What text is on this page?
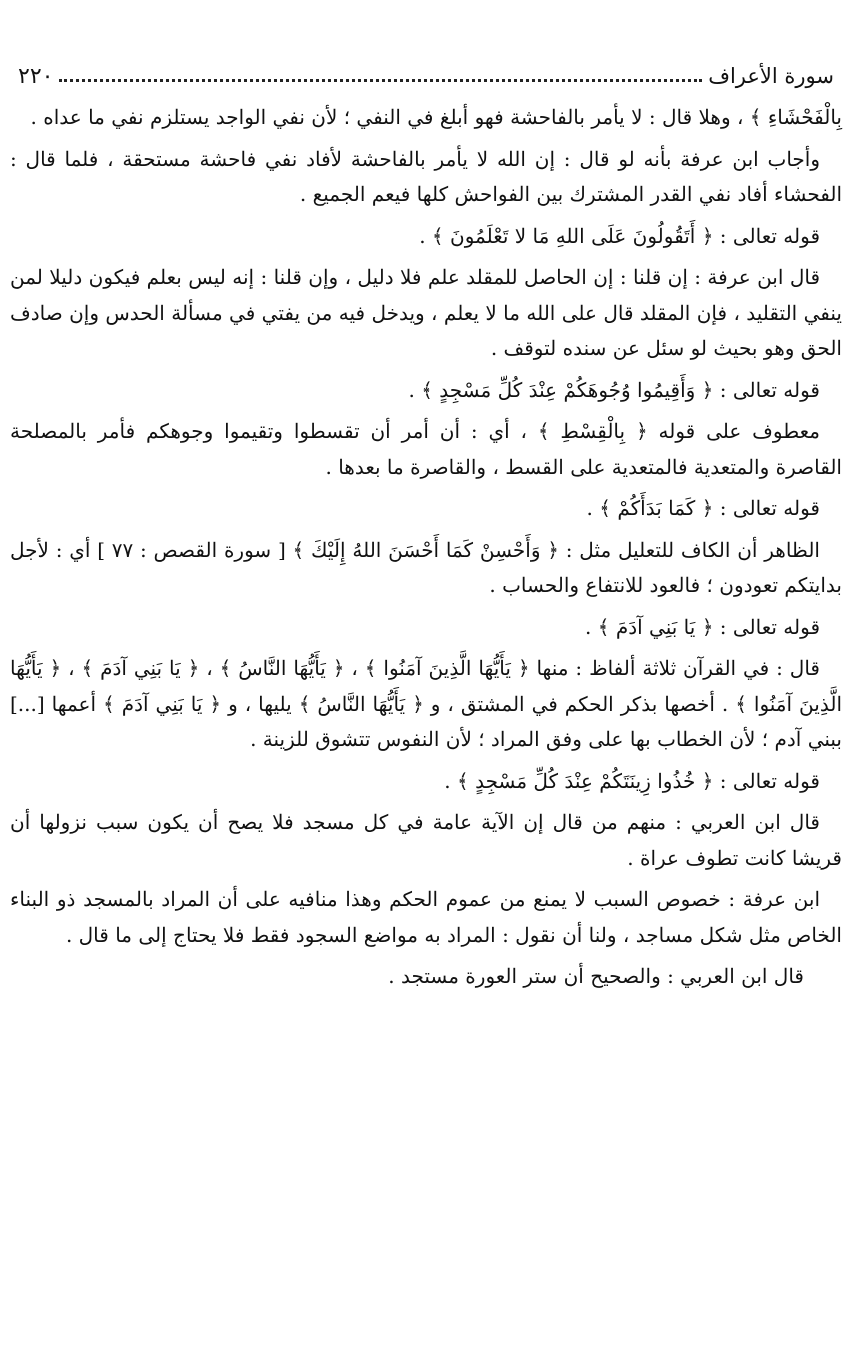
سورة الأعراف
٢٢٠

بِالْفَحْشَاءِ ﴾ ، وهلا قال : لا يأمر بالفاحشة فهو أبلغ في النفي ؛ لأن نفي الواجد يستلزم نفي ما عداه .

وأجاب ابن عرفة بأنه لو قال : إن الله لا يأمر بالفاحشة لأفاد نفي فاحشة مستحقة ، فلما قال : الفحشاء أفاد نفي القدر المشترك بين الفواحش كلها فيعم الجميع .

قوله تعالى : ﴿ أَتَقُولُونَ عَلَى اللهِ مَا لا تَعْلَمُونَ ﴾ .

قال ابن عرفة : إن قلنا : إن الحاصل للمقلد علم فلا دليل ، وإن قلنا : إنه ليس بعلم فيكون دليلا لمن ينفي التقليد ، فإن المقلد قال على الله ما لا يعلم ، ويدخل فيه من يفتي في مسألة الحدس وإن صادف الحق وهو بحيث لو سئل عن سنده لتوقف .

قوله تعالى : ﴿ وَأَقِيمُوا وُجُوهَكُمْ عِنْدَ كُلِّ مَسْجِدٍ ﴾ .

معطوف على قوله ﴿ بِالْقِسْطِ ﴾ ، أي : أن أمر أن تقسطوا وتقيموا وجوهكم فأمر بالمصلحة القاصرة والمتعدية فالمتعدية على القسط ، والقاصرة ما بعدها .

قوله تعالى : ﴿ كَمَا بَدَأَكُمْ ﴾ .

الظاهر أن الكاف للتعليل مثل : ﴿ وَأَحْسِنْ كَمَا أَحْسَنَ اللهُ إِلَيْكَ ﴾ [ سورة القصص : ٧٧ ] أي : لأجل بدايتكم تعودون ؛ فالعود للانتفاع والحساب .

قوله تعالى : ﴿ يَا بَنِي آدَمَ ﴾ .

قال : في القرآن ثلاثة ألفاظ : منها ﴿ يَأَيُّهَا الَّذِينَ آمَنُوا ﴾ ، ﴿ يَأَيُّهَا النَّاسُ ﴾ ، ﴿ يَا بَنِي آدَمَ ﴾ ، ﴿ يَأَيُّهَا الَّذِينَ آمَنُوا ﴾ . أخصها بذكر الحكم في المشتق ، و ﴿ يَأَيُّهَا النَّاسُ ﴾ يليها ، و ﴿ يَا بَنِي آدَمَ ﴾ أعمها [...] ببني آدم ؛ لأن الخطاب بها على وفق المراد ؛ لأن النفوس تتشوق للزينة .

قوله تعالى : ﴿ خُذُوا زِينَتَكُمْ عِنْدَ كُلِّ مَسْجِدٍ ﴾ .

قال ابن العربي : منهم من قال إن الآية عامة في كل مسجد فلا يصح أن يكون سبب نزولها أن قريشا كانت تطوف عراة .

ابن عرفة : خصوص السبب لا يمنع من عموم الحكم وهذا منافيه على أن المراد بالمسجد ذو البناء الخاص مثل شكل مساجد ، ولنا أن نقول : المراد به مواضع السجود فقط فلا يحتاج إلى ما قال .

قال ابن العربي : والصحيح أن ستر العورة مستجد .
